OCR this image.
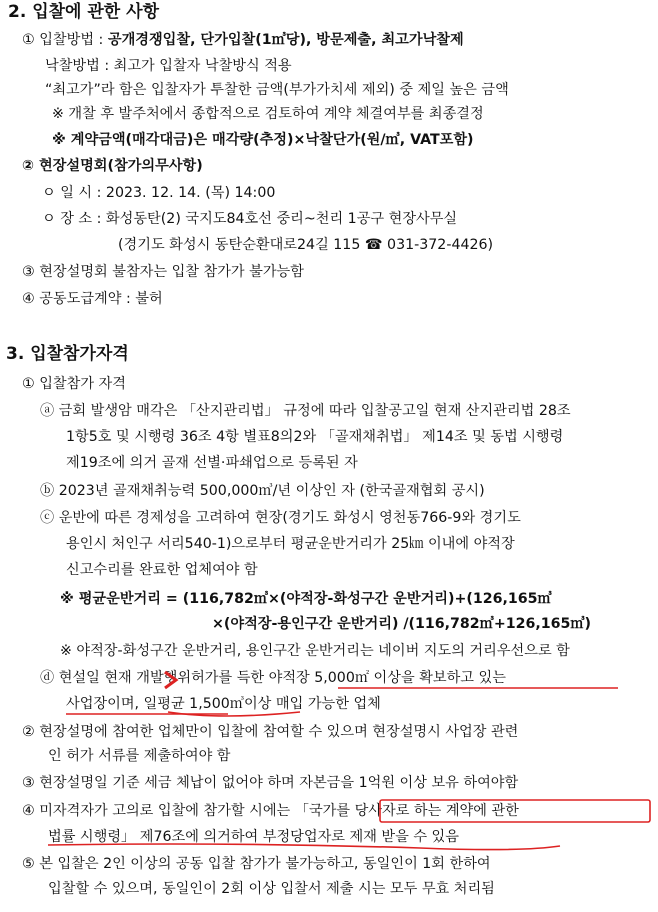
2. 입찰에 관한 사항
① 입찰방법 : 공개경쟁입찰, 단가입찰(1㎥당), 방문제출, 최고가낙찰제
낙찰방법 : 최고가 입찰자 낙찰방식 적용
“최고가”라 함은 입찰자가 투찰한 금액(부가가치세 제외) 중 제일 높은 금액
※ 개찰 후 발주처에서 종합적으로 검토하여 계약 체결여부를 최종결정
※ 계약금액(매각대금)은 매각량(추정)×낙찰단가(원/㎥, VAT포함)
② 현장설명회(참가의무사항)
ㅇ 일 시 : 2023. 12. 14. (목) 14:00
ㅇ 장 소 : 화성동탄(2) 국지도84호선 중리~천리 1공구 현장사무실
(경기도 화성시 동탄순환대로24길 115 ☎ 031-372-4426)
③ 현장설명회 불참자는 입찰 참가가 불가능함
④ 공동도급계약 : 불허
3. 입찰참가자격
① 입찰참가 자격
ⓐ 금회 발생암 매각은 「산지관리법」 규정에 따라 입찰공고일 현재 산지관리법 28조
1항5호 및 시행령 36조 4항 별표8의2와 「골재채취법」 제14조 및 동법 시행령
제19조에 의거 골재 선별·파쇄업으로 등록된 자
ⓑ 2023년 골재채취능력 500,000㎥/년 이상인 자 (한국골재협회 공시)
ⓒ 운반에 따른 경제성을 고려하여 현장(경기도 화성시 영천동766-9와 경기도
용인시 처인구 서리540-1)으로부터 평균운반거리가 25㎞ 이내에 야적장
신고수리를 완료한 업체여야 함
※ 평균운반거리 = (116,782㎥×(야적장-화성구간 운반거리)+(126,165㎥
×(야적장-용인구간 운반거리) /(116,782㎥+126,165㎥)
※ 야적장-화성구간 운반거리, 용인구간 운반거리는 네이버 지도의 거리우선으로 함
ⓓ 현설일 현재 개발행위허가를 득한 야적장 5,000㎡ 이상을 확보하고 있는
사업장이며, 일평균 1,500㎥이상 매입 가능한 업체
② 현장설명에 참여한 업체만이 입찰에 참여할 수 있으며 현장설명시 사업장 관련
인 허가 서류를 제출하여야 함
③ 현장설명일 기준 세금 체납이 없어야 하며 자본금을 1억원 이상 보유 하여야함
④ 미자격자가 고의로 입찰에 참가할 시에는 「국가를 당사자로 하는 계약에 관한
법률 시행령」 제76조에 의거하여 부정당업자로 제재 받을 수 있음
⑤ 본 입찰은 2인 이상의 공동 입찰 참가가 불가능하고, 동일인이 1회 한하여
입찰할 수 있으며, 동일인이 2회 이상 입찰서 제출 시는 모두 무효 처리됨
